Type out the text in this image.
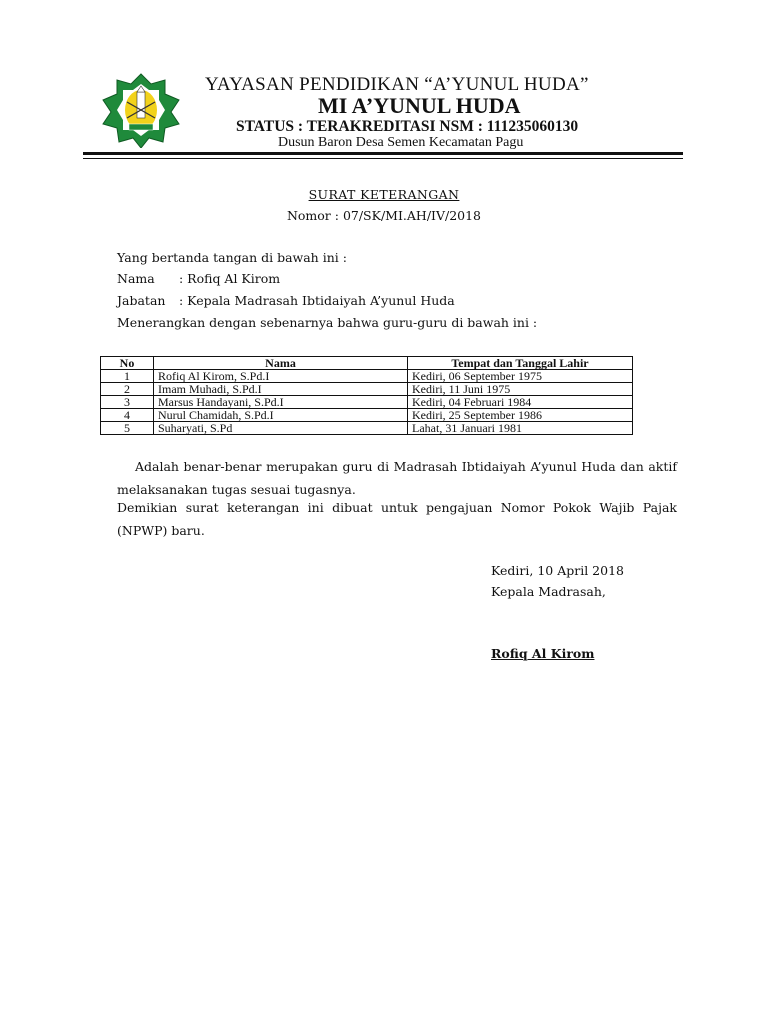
YAYASAN PENDIDIKAN “A’YUNUL HUDA”
MI A’YUNUL HUDA
STATUS : TERAKREDITASI NSM : 111235060130
Dusun Baron Desa Semen Kecamatan Pagu
SURAT KETERANGAN
Nomor : 07/SK/MI.AH/IV/2018
Yang bertanda tangan di bawah ini :
Nama : Rofiq Al Kirom
Jabatan : Kepala Madrasah Ibtidaiyah A’yunul Huda
Menerangkan dengan sebenarnya bahwa guru-guru di bawah ini :
No	Nama	Tempat dan Tanggal Lahir
1	Rofiq Al Kirom, S.Pd.I	Kediri, 06 September 1975
2	Imam Muhadi, S.Pd.I	Kediri, 11 Juni 1975
3	Marsus Handayani, S.Pd.I	Kediri, 04 Februari 1984
4	Nurul Chamidah, S.Pd.I	Kediri, 25 September 1986
5	Suharyati, S.Pd	Lahat, 31 Januari 1981
Adalah benar-benar merupakan guru di Madrasah Ibtidaiyah A’yunul Huda dan aktif melaksanakan tugas sesuai tugasnya.
Demikian surat keterangan ini dibuat untuk pengajuan Nomor Pokok Wajib Pajak (NPWP) baru.
Kediri, 10 April 2018
Kepala Madrasah,
Rofiq Al Kirom
